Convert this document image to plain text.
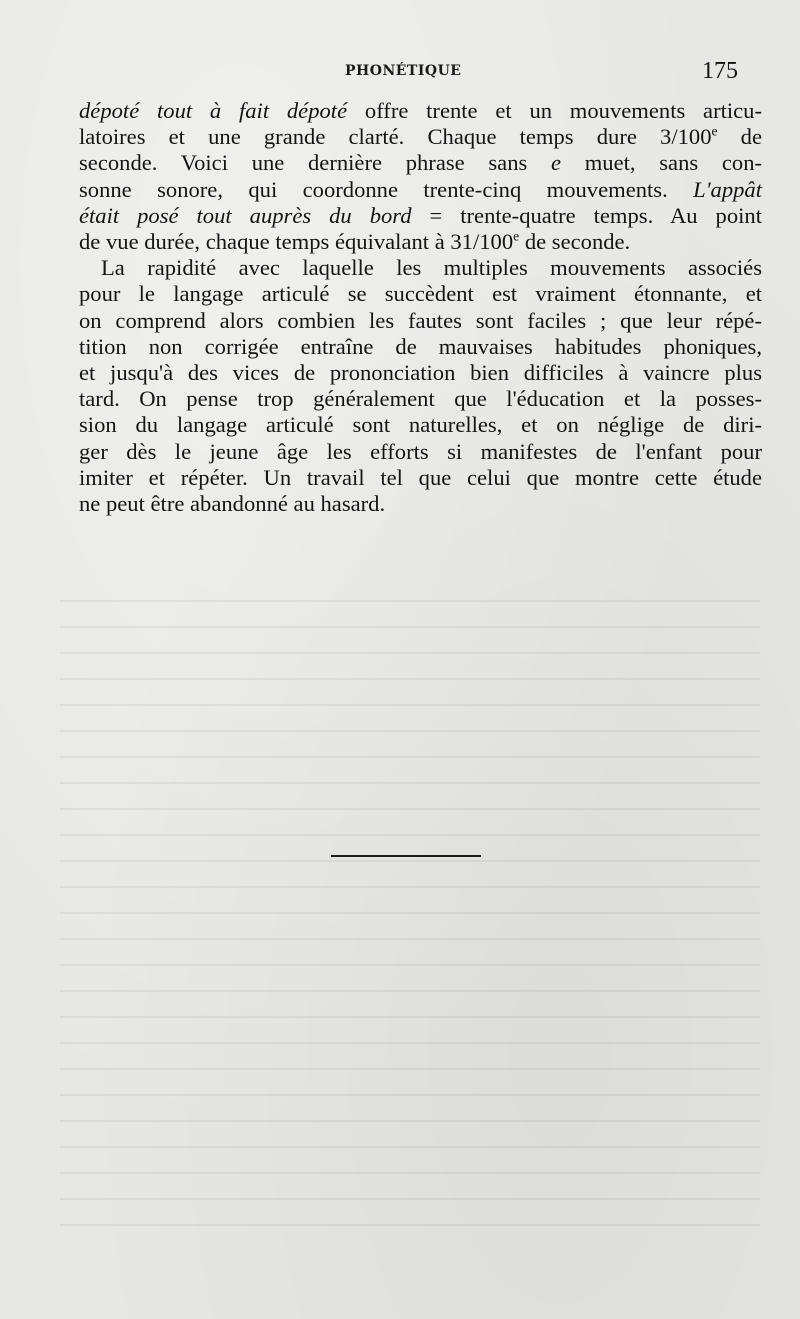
PHONÉTIQUE	175
dépoté tout à fait dépoté offre trente et un mouvements articu-
latoires et une grande clarté. Chaque temps dure 3/100e de
seconde. Voici une dernière phrase sans e muet, sans con-
sonne sonore, qui coordonne trente-cinq mouvements. L'appât
était posé tout auprès du bord = trente-quatre temps. Au point
de vue durée, chaque temps équivalant à 31/100e de seconde.
La rapidité avec laquelle les multiples mouvements associés
pour le langage articulé se succèdent est vraiment étonnante, et
on comprend alors combien les fautes sont faciles ; que leur répé-
tition non corrigée entraîne de mauvaises habitudes phoniques,
et jusqu'à des vices de prononciation bien difficiles à vaincre plus
tard. On pense trop généralement que l'éducation et la posses-
sion du langage articulé sont naturelles, et on néglige de diri-
ger dès le jeune âge les efforts si manifestes de l'enfant pour
imiter et répéter. Un travail tel que celui que montre cette étude
ne peut être abandonné au hasard.
